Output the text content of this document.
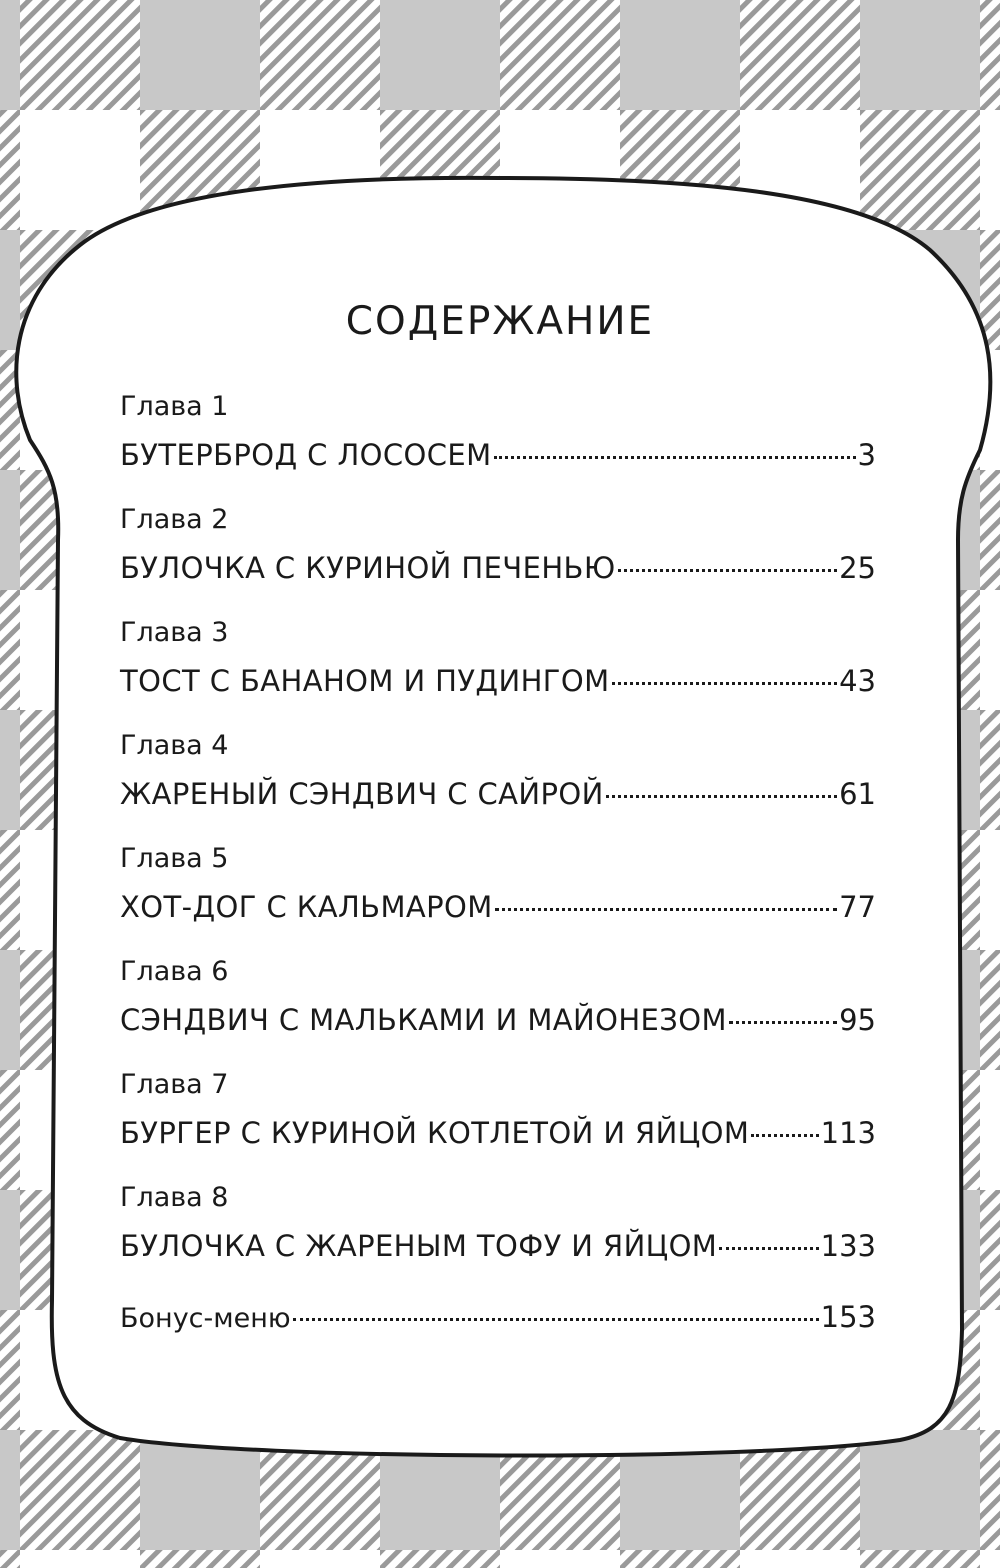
СОДЕРЖАНИЕ
Глава 1
БУТЕРБРОД С ЛОСОСЕМ	3
Глава 2
БУЛОЧКА С КУРИНОЙ ПЕЧЕНЬЮ	25
Глава 3
ТОСТ С БАНАНОМ И ПУДИНГОМ	43
Глава 4
ЖАРЕНЫЙ СЭНДВИЧ С САЙРОЙ	61
Глава 5
ХОТ-ДОГ С КАЛЬМАРОМ	77
Глава 6
СЭНДВИЧ С МАЛЬКАМИ И МАЙОНЕЗОМ	95
Глава 7
БУРГЕР С КУРИНОЙ КОТЛЕТОЙ И ЯЙЦОМ 113
Глава 8
БУЛОЧКА С ЖАРЕНЫМ ТОФУ И ЯЙЦОМ	133
Бонус-меню	153
